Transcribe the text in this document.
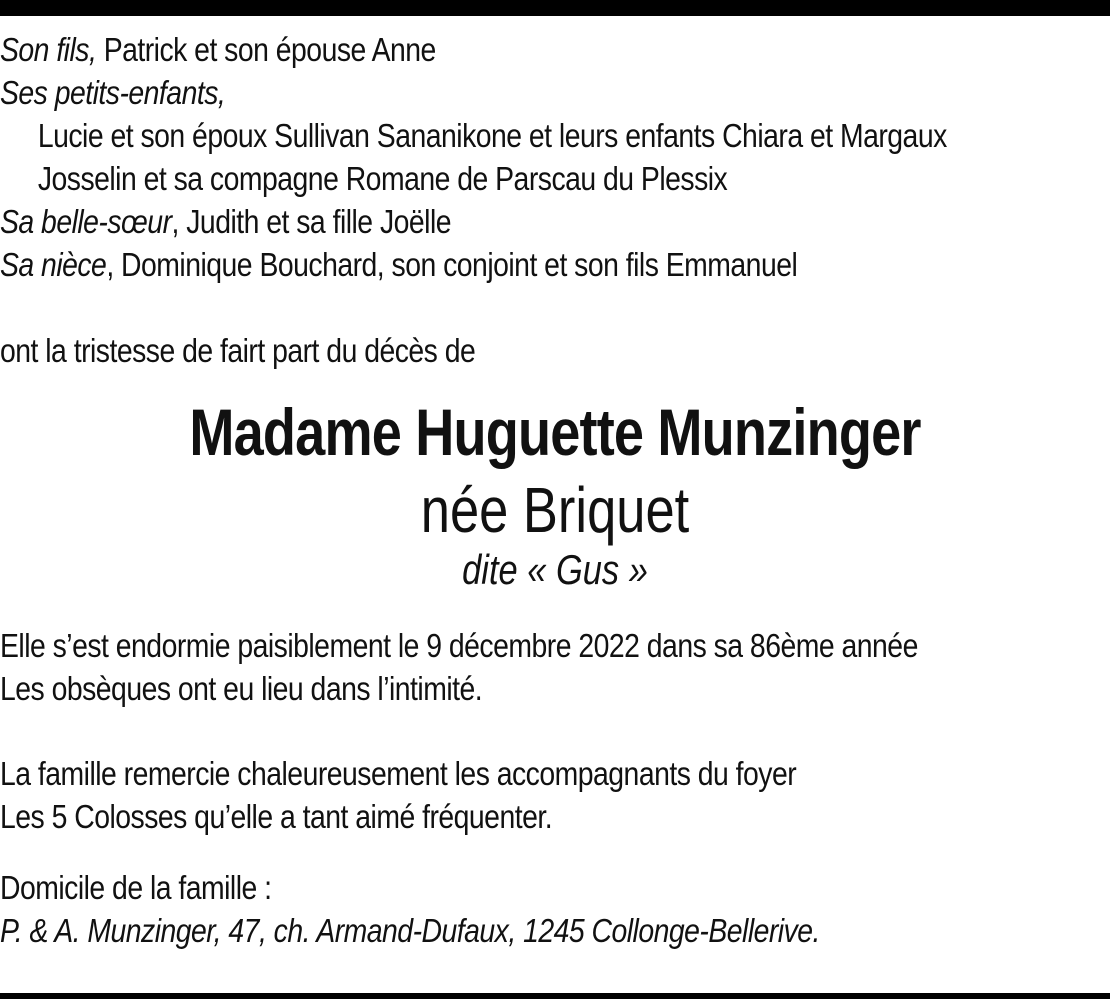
Son fils, Patrick et son épouse Anne
Ses petits-enfants,
Lucie et son époux Sullivan Sananikone et leurs enfants Chiara et Margaux
Josselin et sa compagne Romane de Parscau du Plessix
Sa belle-sœur, Judith et sa fille Joëlle
Sa nièce, Dominique Bouchard, son conjoint et son fils Emmanuel
ont la tristesse de fairt part du décès de
Madame Huguette Munzinger
née Briquet
dite « Gus »
Elle s’est endormie paisiblement le 9 décembre 2022 dans sa 86ème année
Les obsèques ont eu lieu dans l’intimité.
La famille remercie chaleureusement les accompagnants du foyer
Les 5 Colosses qu’elle a tant aimé fréquenter.
Domicile de la famille :
P. & A. Munzinger, 47, ch. Armand-Dufaux, 1245 Collonge-Bellerive.
